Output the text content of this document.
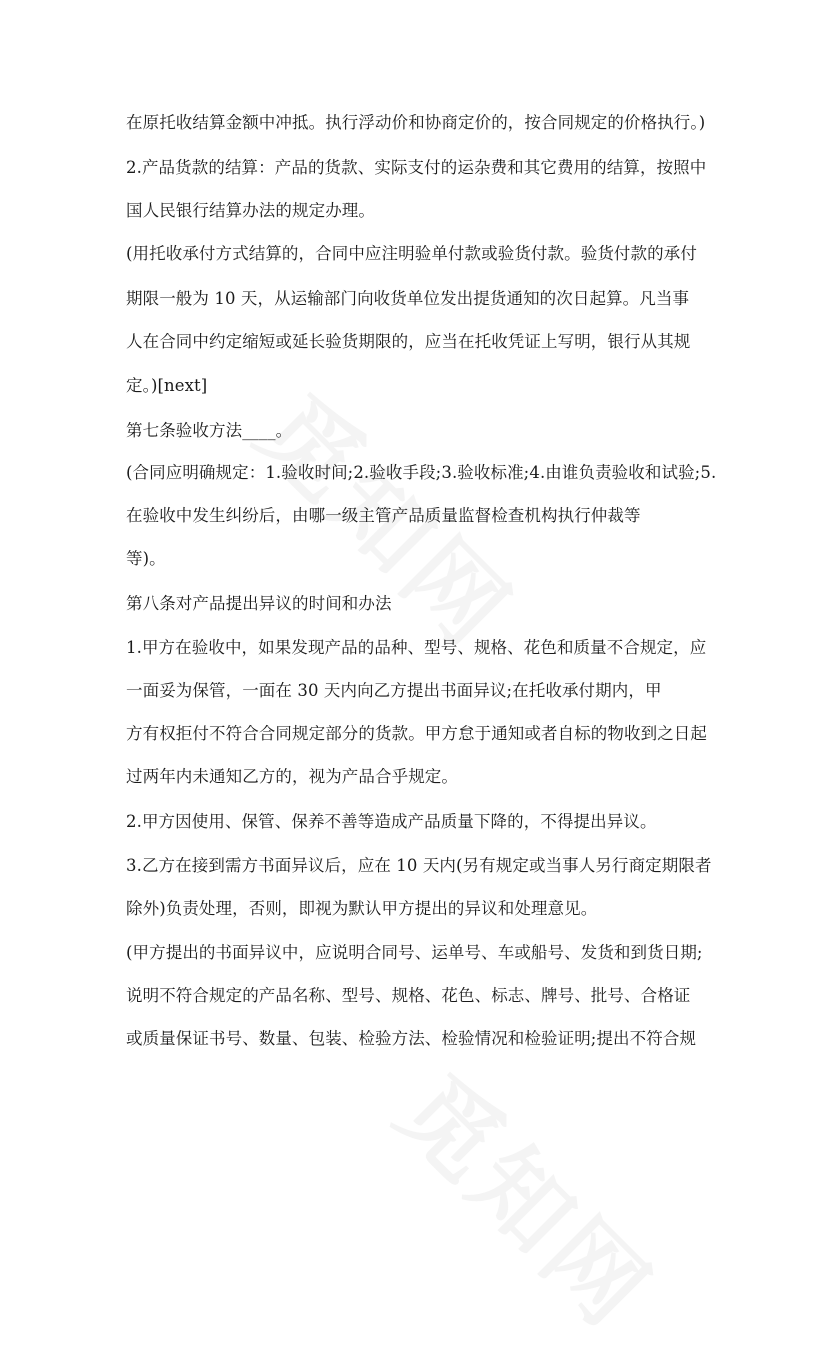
在原托收结算金额中冲抵。执行浮动价和协商定价的，按合同规定的价格执行。)
2.产品货款的结算：产品的货款、实际支付的运杂费和其它费用的结算，按照中
国人民银行结算办法的规定办理。
(用托收承付方式结算的，合同中应注明验单付款或验货付款。验货付款的承付
期限一般为 10 天，从运输部门向收货单位发出提货通知的次日起算。凡当事
人在合同中约定缩短或延长验货期限的，应当在托收凭证上写明，银行从其规
定。)[next]
第七条验收方法____。
(合同应明确规定：1.验收时间;2.验收手段;3.验收标准;4.由谁负责验收和试验;5.
在验收中发生纠纷后，由哪一级主管产品质量监督检查机构执行仲裁等
等)。
第八条对产品提出异议的时间和办法
1.甲方在验收中，如果发现产品的品种、型号、规格、花色和质量不合规定，应
一面妥为保管，一面在 30 天内向乙方提出书面异议;在托收承付期内，甲
方有权拒付不符合合同规定部分的货款。甲方怠于通知或者自标的物收到之日起
过两年内未通知乙方的，视为产品合乎规定。
2.甲方因使用、保管、保养不善等造成产品质量下降的，不得提出异议。
3.乙方在接到需方书面异议后，应在 10 天内(另有规定或当事人另行商定期限者
除外)负责处理，否则，即视为默认甲方提出的异议和处理意见。
(甲方提出的书面异议中，应说明合同号、运单号、车或船号、发货和到货日期;
说明不符合规定的产品名称、型号、规格、花色、标志、牌号、批号、合格证
或质量保证书号、数量、包装、检验方法、检验情况和检验证明;提出不符合规
